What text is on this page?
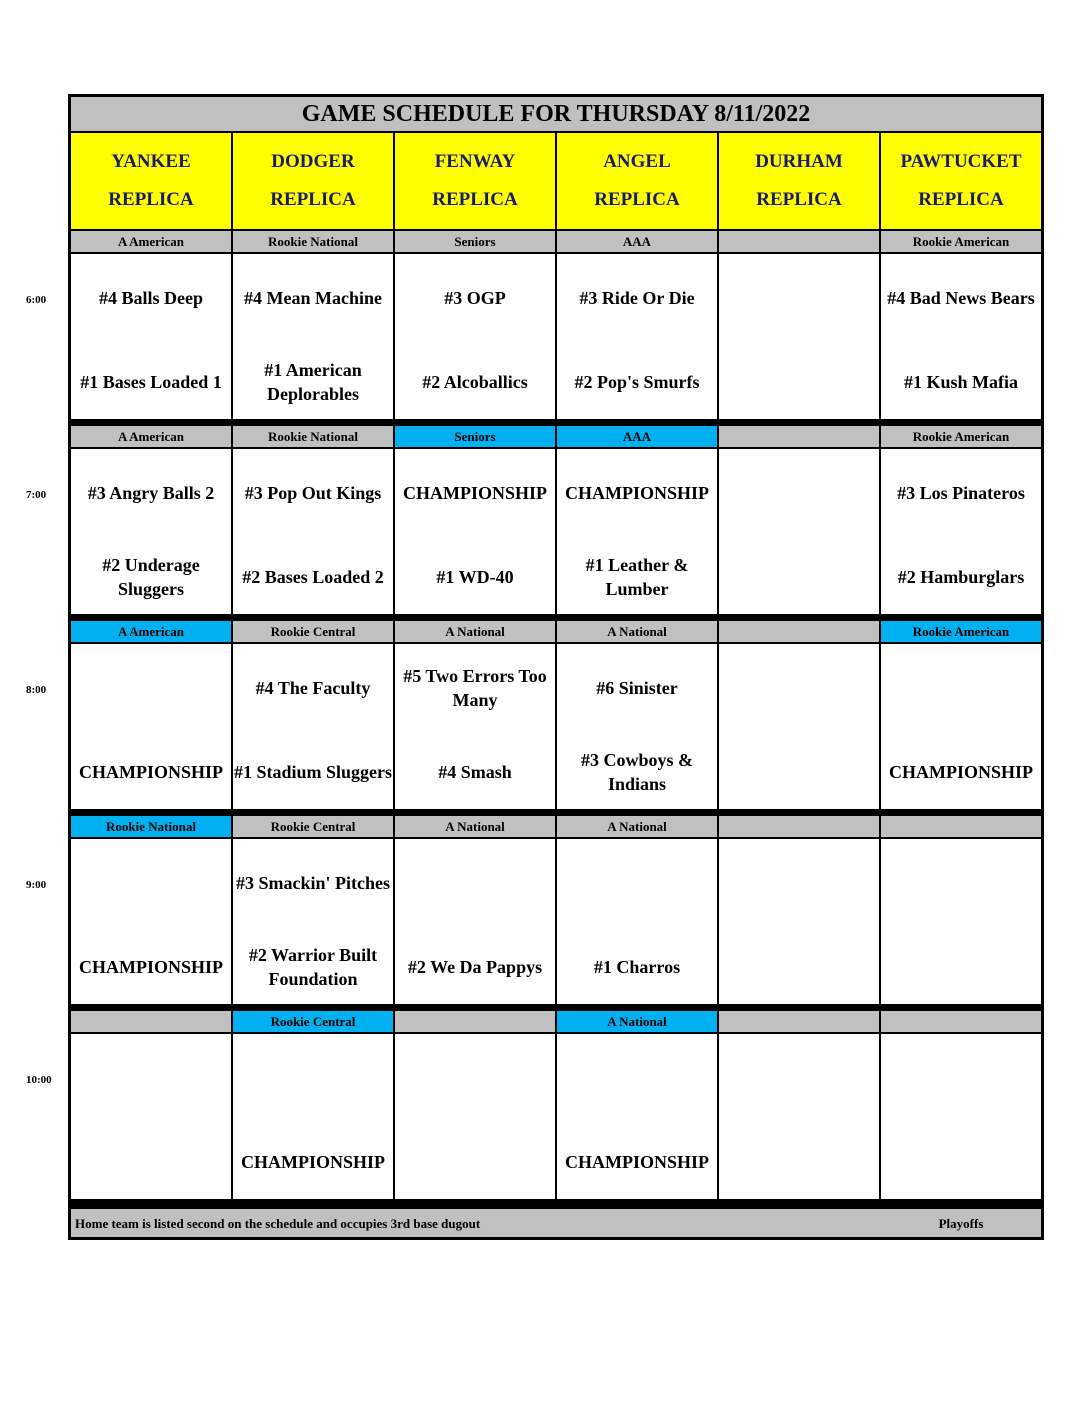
GAME SCHEDULE FOR THURSDAY 8/11/2022
YANKEE
REPLICA
DODGER
REPLICA
FENWAY
REPLICA
ANGEL
REPLICA
DURHAM
REPLICA
PAWTUCKET
REPLICA
A American
#4 Balls Deep
#1 Bases Loaded 1
Rookie National
#4 Mean Machine
#1 American Deplorables
Seniors
#3 OGP
#2 Alcoballics
AAA
#3 Ride Or Die
#2 Pop's Smurfs
Rookie American
#4 Bad News Bears
#1 Kush Mafia
A American
#3 Angry Balls 2
#2 Underage Sluggers
Rookie National
#3 Pop Out Kings
#2 Bases Loaded 2
Seniors
CHAMPIONSHIP
#1 WD-40
AAA
CHAMPIONSHIP
#1 Leather & Lumber
Rookie American
#3 Los Pinateros
#2 Hamburglars
A American
CHAMPIONSHIP
Rookie Central
#4 The Faculty
#1 Stadium Sluggers
A National
#5 Two Errors Too Many
#4 Smash
A National
#6 Sinister
#3 Cowboys & Indians
Rookie American
CHAMPIONSHIP
Rookie National
CHAMPIONSHIP
Rookie Central
#3 Smackin' Pitches
#2 Warrior Built Foundation
A National
#2 We Da Pappys
A National
#1 Charros
Rookie Central
CHAMPIONSHIP
A National
CHAMPIONSHIP
Home team is listed second on the schedule and occupies 3rd base dugout	Playoffs
6:00
7:00
8:00
9:00
10:00
